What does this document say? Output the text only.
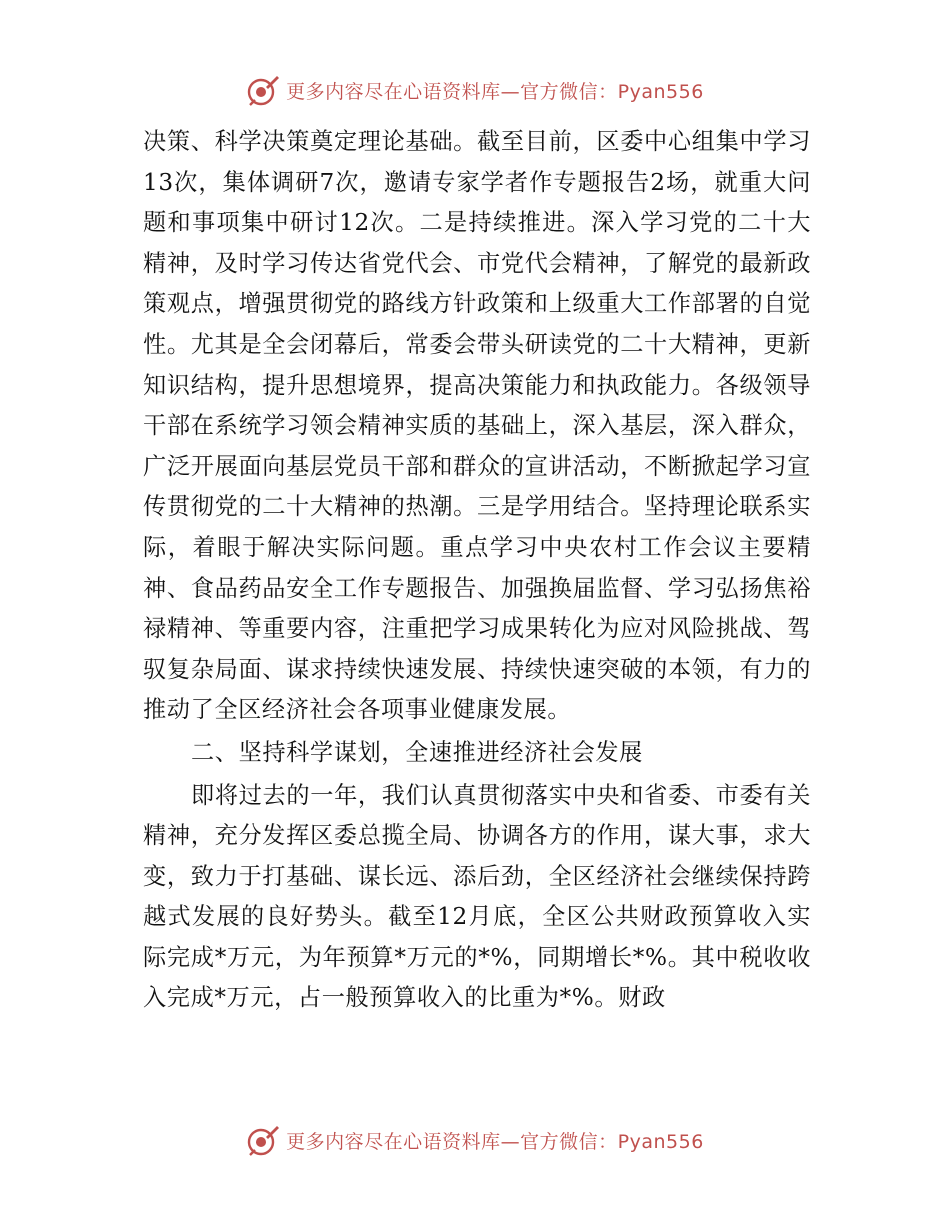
更多内容尽在心语资料库—官方微信：Pyan556

决策、科学决策奠定理论基础。截至目前，区委中心组集中学习13次，集体调研7次，邀请专家学者作专题报告2场，就重大问题和事项集中研讨12次。二是持续推进。深入学习党的二十大精神，及时学习传达省党代会、市党代会精神，了解党的最新政策观点，增强贯彻党的路线方针政策和上级重大工作部署的自觉性。尤其是全会闭幕后，常委会带头研读党的二十大精神，更新知识结构，提升思想境界，提高决策能力和执政能力。各级领导干部在系统学习领会精神实质的基础上，深入基层，深入群众，广泛开展面向基层党员干部和群众的宣讲活动，不断掀起学习宣传贯彻党的二十大精神的热潮。三是学用结合。坚持理论联系实际，着眼于解决实际问题。重点学习中央农村工作会议主要精神、食品药品安全工作专题报告、加强换届监督、学习弘扬焦裕禄精神、等重要内容，注重把学习成果转化为应对风险挑战、驾驭复杂局面、谋求持续快速发展、持续快速突破的本领，有力的推动了全区经济社会各项事业健康发展。

二、坚持科学谋划，全速推进经济社会发展

即将过去的一年，我们认真贯彻落实中央和省委、市委有关精神，充分发挥区委总揽全局、协调各方的作用，谋大事，求大变，致力于打基础、谋长远、添后劲，全区经济社会继续保持跨越式发展的良好势头。截至12月底，全区公共财政预算收入实际完成*万元，为年预算*万元的*%，同期增长*%。其中税收收入完成*万元，占一般预算收入的比重为*%。财政

更多内容尽在心语资料库—官方微信：Pyan556
